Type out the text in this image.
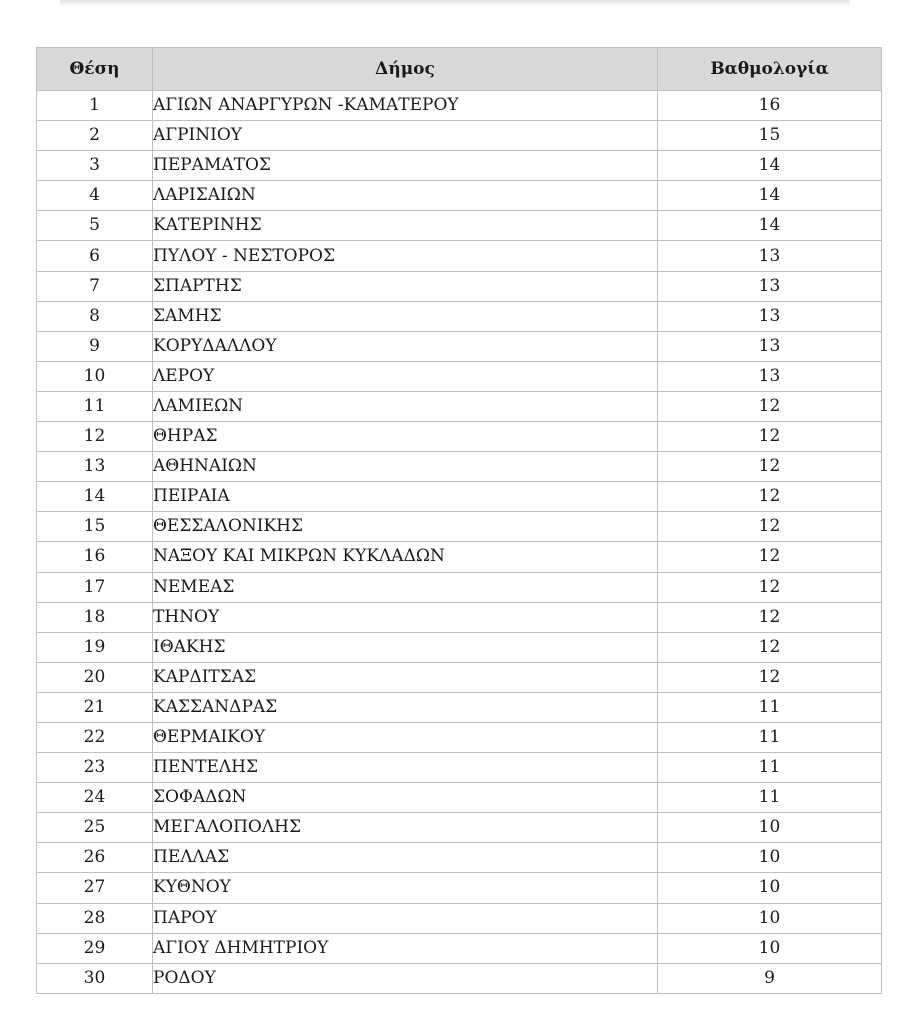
Θέση	Δήμος	Βαθμολογία
1	ΑΓΙΩΝ ΑΝΑΡΓΥΡΩΝ -ΚΑΜΑΤΕΡΟΥ	16
2	ΑΓΡΙΝΙΟΥ	15
3	ΠΕΡΑΜΑΤΟΣ	14
4	ΛΑΡΙΣΑΙΩΝ	14
5	ΚΑΤΕΡΙΝΗΣ	14
6	ΠΥΛΟΥ - ΝΕΣΤΟΡΟΣ	13
7	ΣΠΑΡΤΗΣ	13
8	ΣΑΜΗΣ	13
9	ΚΟΡΥΔΑΛΛΟΥ	13
10	ΛΕΡΟΥ	13
11	ΛΑΜΙΕΩΝ	12
12	ΘΗΡΑΣ	12
13	ΑΘΗΝΑΙΩΝ	12
14	ΠΕΙΡΑΙΑ	12
15	ΘΕΣΣΑΛΟΝΙΚΗΣ	12
16	ΝΑΞΟΥ ΚΑΙ ΜΙΚΡΩΝ ΚΥΚΛΑΔΩΝ	12
17	ΝΕΜΕΑΣ	12
18	ΤΗΝΟΥ	12
19	ΙΘΑΚΗΣ	12
20	ΚΑΡΔΙΤΣΑΣ	12
21	ΚΑΣΣΑΝΔΡΑΣ	11
22	ΘΕΡΜΑΙΚΟΥ	11
23	ΠΕΝΤΕΛΗΣ	11
24	ΣΟΦΑΔΩΝ	11
25	ΜΕΓΑΛΟΠΟΛΗΣ	10
26	ΠΕΛΛΑΣ	10
27	ΚΥΘΝΟΥ	10
28	ΠΑΡΟΥ	10
29	ΑΓΙΟΥ ΔΗΜΗΤΡΙΟΥ	10
30	ΡΟΔΟΥ	9
